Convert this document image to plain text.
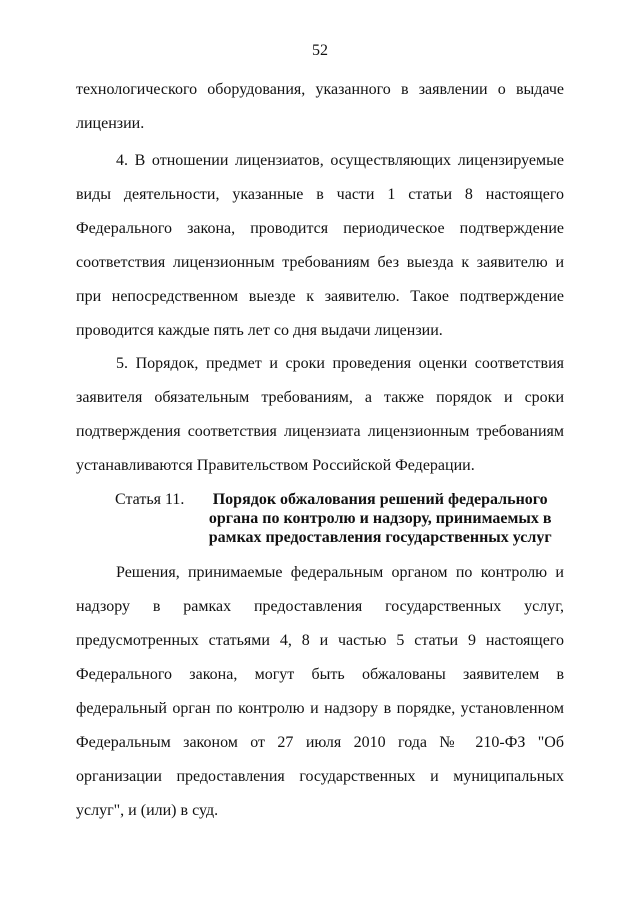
52
технологического оборудования, указанного в заявлении о выдаче лицензии.
4. В отношении лицензиатов, осуществляющих лицензируемые виды деятельности, указанные в части 1 статьи 8 настоящего Федерального закона, проводится периодическое подтверждение соответствия лицензионным требованиям без выезда к заявителю и при непосредственном выезде к заявителю. Такое подтверждение проводится каждые пять лет со дня выдачи лицензии.
5. Порядок, предмет и сроки проведения оценки соответствия заявителя обязательным требованиям, а также порядок и сроки подтверждения соответствия лицензиата лицензионным требованиям устанавливаются Правительством Российской Федерации.
Статья 11.	Порядок обжалования решений федерального органа по контролю и надзору, принимаемых в рамках предоставления государственных услуг
Решения, принимаемые федеральным органом по контролю и надзору в рамках предоставления государственных услуг, предусмотренных статьями 4, 8 и частью 5 статьи 9 настоящего Федерального закона, могут быть обжалованы заявителем в федеральный орган по контролю и надзору в порядке, установленном Федеральным законом от 27 июля 2010 года № 210-ФЗ "Об организации предоставления государственных и муниципальных услуг", и (или) в суд.
